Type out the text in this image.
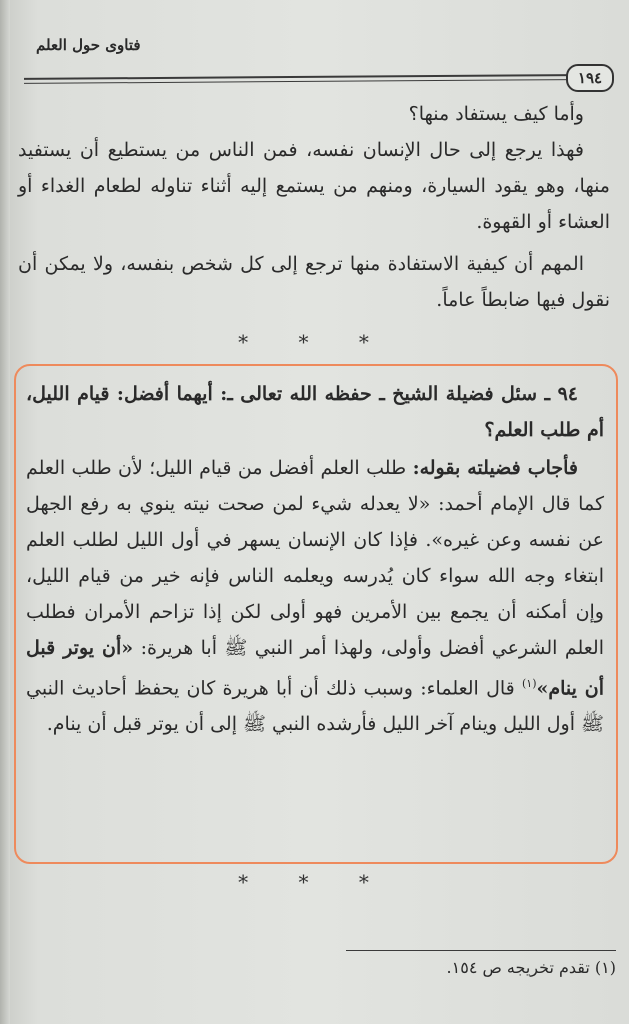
فتاوى حول العلم
١٩٤

وأما كيف يستفاد منها؟

فهذا يرجع إلى حال الإنسان نفسه، فمن الناس من يستطيع أن يستفيد منها، وهو يقود السيارة، ومنهم من يستمع إليه أثناء تناوله لطعام الغداء أو العشاء أو القهوة.

المهم أن كيفية الاستفادة منها ترجع إلى كل شخص بنفسه، ولا يمكن أن نقول فيها ضابطاً عاماً.

* * *

٩٤ ـ سئل فضيلة الشيخ ـ حفظه الله تعالى ـ: أيهما أفضل: قيام الليل، أم طلب العلم؟

فأجاب فضيلته بقوله: طلب العلم أفضل من قيام الليل؛ لأن طلب العلم كما قال الإمام أحمد: «لا يعدله شيء لمن صحت نيته ينوي به رفع الجهل عن نفسه وعن غيره». فإذا كان الإنسان يسهر في أول الليل لطلب العلم ابتغاء وجه الله سواء كان يُدرسه ويعلمه الناس فإنه خير من قيام الليل، وإن أمكنه أن يجمع بين الأمرين فهو أولى لكن إذا تزاحم الأمران فطلب العلم الشرعي أفضل وأولى، ولهذا أمر النبي ﷺ أبا هريرة: «أن يوتر قبل أن ينام»$^{(١)}$ قال العلماء: وسبب ذلك أن أبا هريرة كان يحفظ أحاديث النبي ﷺ أول الليل وينام آخر الليل فأرشده النبي ﷺ إلى أن يوتر قبل أن ينام.

* * *
(١) تقدم تخريجه ص ١٥٤.
